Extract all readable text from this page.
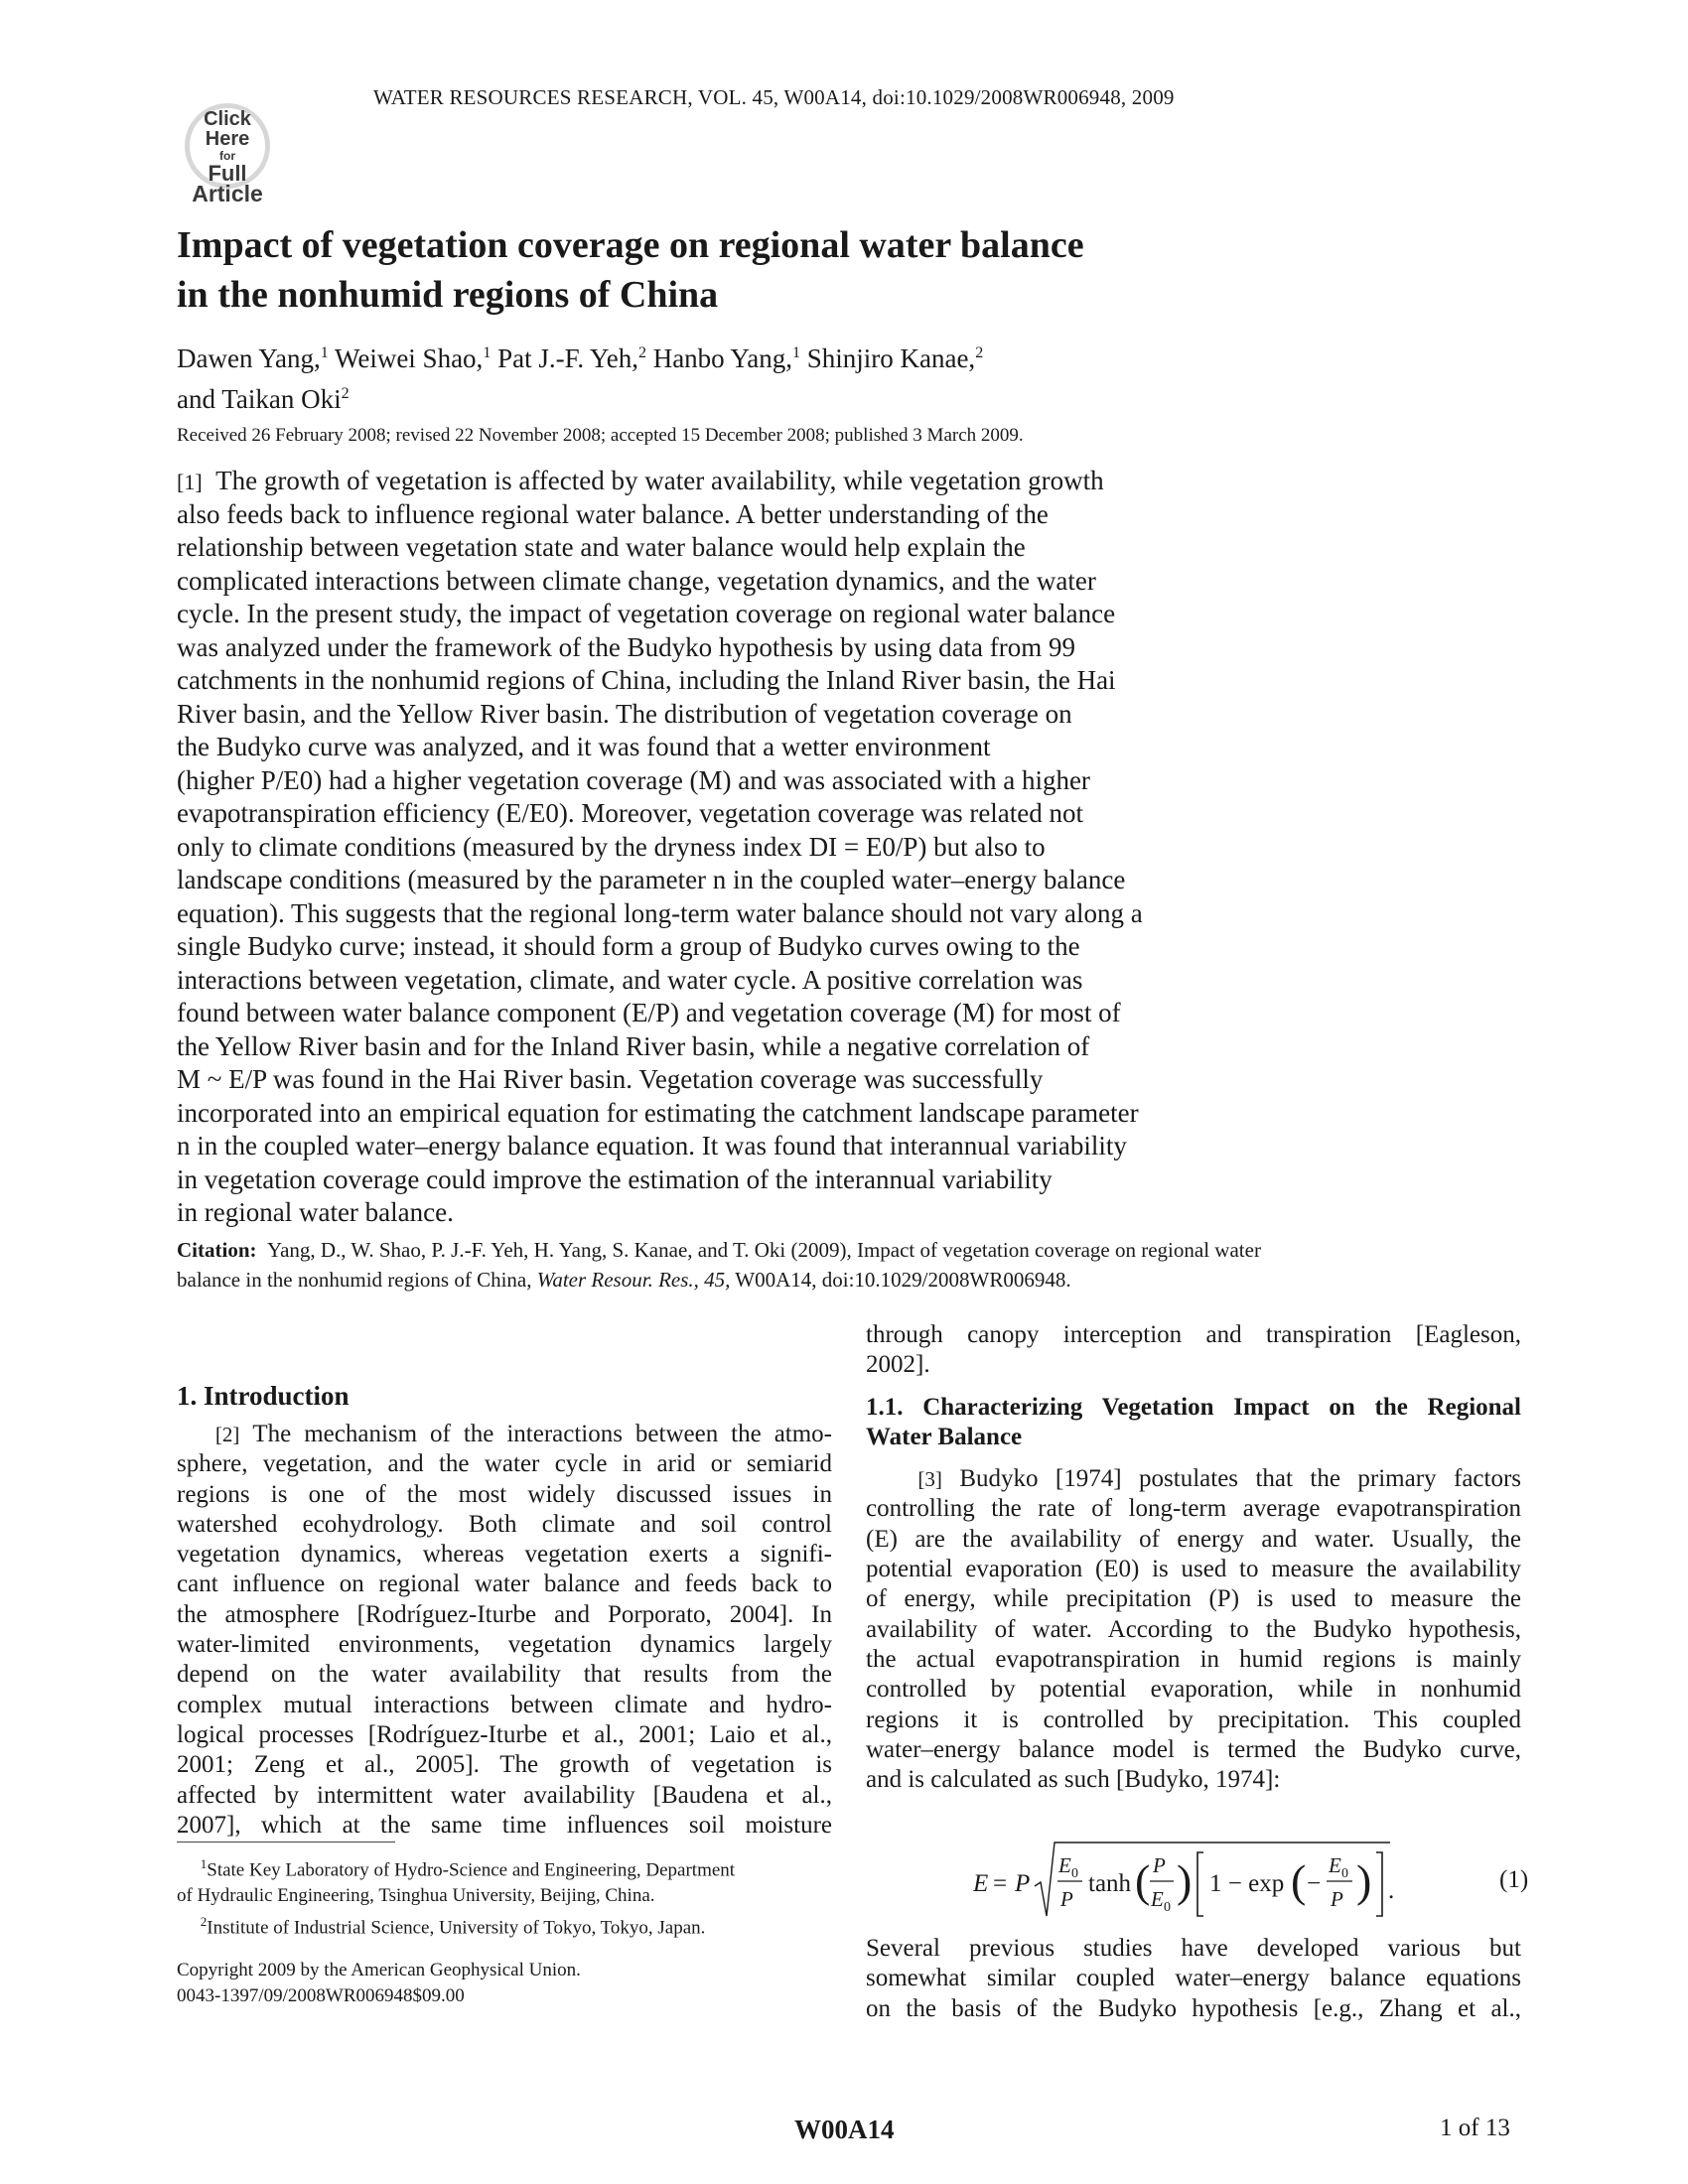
WATER RESOURCES RESEARCH, VOL. 45, W00A14, doi:10.1029/2008WR006948, 2009
Click
Here
for
Full
Article
Impact of vegetation coverage on regional water balance
in the nonhumid regions of China
Dawen Yang,$^1$ Weiwei Shao,$^1$ Pat J.-F. Yeh,$^2$ Hanbo Yang,$^1$ Shinjiro Kanae,$^2$
and Taikan Oki$^2$
Received 26 February 2008; revised 22 November 2008; accepted 15 December 2008; published 3 March 2009.
[1] The growth of vegetation is affected by water availability, while vegetation growth
also feeds back to influence regional water balance. A better understanding of the
relationship between vegetation state and water balance would help explain the
complicated interactions between climate change, vegetation dynamics, and the water
cycle. In the present study, the impact of vegetation coverage on regional water balance
was analyzed under the framework of the Budyko hypothesis by using data from 99
catchments in the nonhumid regions of China, including the Inland River basin, the Hai
River basin, and the Yellow River basin. The distribution of vegetation coverage on
the Budyko curve was analyzed, and it was found that a wetter environment
(higher P/E0) had a higher vegetation coverage (M) and was associated with a higher
evapotranspiration efficiency (E/E0). Moreover, vegetation coverage was related not
only to climate conditions (measured by the dryness index DI = E0/P) but also to
landscape conditions (measured by the parameter n in the coupled water–energy balance
equation). This suggests that the regional long-term water balance should not vary along a
single Budyko curve; instead, it should form a group of Budyko curves owing to the
interactions between vegetation, climate, and water cycle. A positive correlation was
found between water balance component (E/P) and vegetation coverage (M) for most of
the Yellow River basin and for the Inland River basin, while a negative correlation of
M ~ E/P was found in the Hai River basin. Vegetation coverage was successfully
incorporated into an empirical equation for estimating the catchment landscape parameter
n in the coupled water–energy balance equation. It was found that interannual variability
in vegetation coverage could improve the estimation of the interannual variability
in regional water balance.
Citation: Yang, D., W. Shao, P. J.-F. Yeh, H. Yang, S. Kanae, and T. Oki (2009), Impact of vegetation coverage on regional water
balance in the nonhumid regions of China, Water Resour. Res., 45, W00A14, doi:10.1029/2008WR006948.
1. Introduction
[2] The mechanism of the interactions between the atmo-
sphere, vegetation, and the water cycle in arid or semiarid
regions is one of the most widely discussed issues in
watershed ecohydrology. Both climate and soil control
vegetation dynamics, whereas vegetation exerts a signifi-
cant influence on regional water balance and feeds back to
the atmosphere [Rodríguez-Iturbe and Porporato, 2004]. In
water-limited environments, vegetation dynamics largely
depend on the water availability that results from the
complex mutual interactions between climate and hydro-
logical processes [Rodríguez-Iturbe et al., 2001; Laio et al.,
2001; Zeng et al., 2005]. The growth of vegetation is
affected by intermittent water availability [Baudena et al.,
2007], which at the same time influences soil moisture
$^1$State Key Laboratory of Hydro-Science and Engineering, Department
of Hydraulic Engineering, Tsinghua University, Beijing, China.
$^2$Institute of Industrial Science, University of Tokyo, Tokyo, Japan.
Copyright 2009 by the American Geophysical Union.
0043-1397/09/2008WR006948$09.00
through canopy interception and transpiration [Eagleson,
2002].
1.1. Characterizing Vegetation Impact on the Regional
Water Balance
[3] Budyko [1974] postulates that the primary factors
controlling the rate of long-term average evapotranspiration
(E) are the availability of energy and water. Usually, the
potential evaporation (E0) is used to measure the availability
of energy, while precipitation (P) is used to measure the
availability of water. According to the Budyko hypothesis,
the actual evapotranspiration in humid regions is mainly
controlled by potential evaporation, while in nonhumid
regions it is controlled by precipitation. This coupled
water–energy balance model is termed the Budyko curve,
and is calculated as such [Budyko, 1974]:
E = P
E 0
P
tanh ( P
E 0
) 1 − exp ( −
E 0
P ) .	(1)
Several previous studies have developed various but
somewhat similar coupled water–energy balance equations
on the basis of the Budyko hypothesis [e.g., Zhang et al.,
W00A14	1 of 13
